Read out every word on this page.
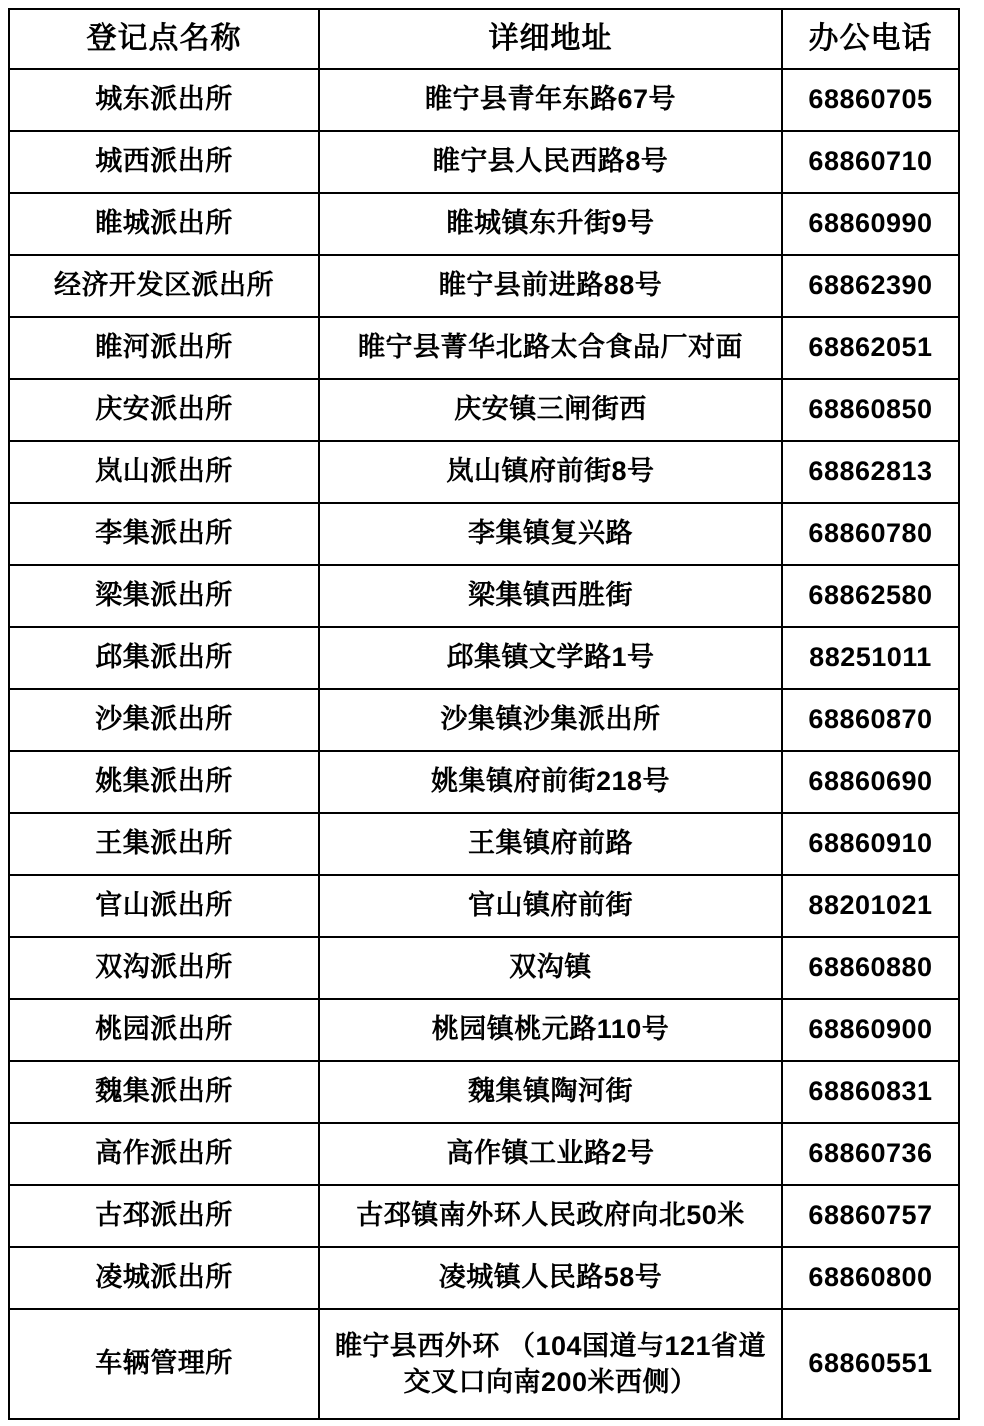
登记点名称	详细地址	办公电话
城东派出所	睢宁县青年东路67号	68860705
城西派出所	睢宁县人民西路8号	68860710
睢城派出所	睢城镇东升街9号	68860990
经济开发区派出所	睢宁县前进路88号	68862390
睢河派出所	睢宁县菁华北路太合食品厂对面	68862051
庆安派出所	庆安镇三闸街西	68860850
岚山派出所	岚山镇府前街8号	68862813
李集派出所	李集镇复兴路	68860780
梁集派出所	梁集镇西胜街	68862580
邱集派出所	邱集镇文学路1号	88251011
沙集派出所	沙集镇沙集派出所	68860870
姚集派出所	姚集镇府前街218号	68860690
王集派出所	王集镇府前路	68860910
官山派出所	官山镇府前街	88201021
双沟派出所	双沟镇	68860880
桃园派出所	桃园镇桃元路110号	68860900
魏集派出所	魏集镇陶河街	68860831
高作派出所	高作镇工业路2号	68860736
古邳派出所	古邳镇南外环人民政府向北50米	68860757
凌城派出所	凌城镇人民路58号	68860800
车辆管理所	睢宁县西外环 （104国道与121省道交叉口向南200米西侧）	68860551
